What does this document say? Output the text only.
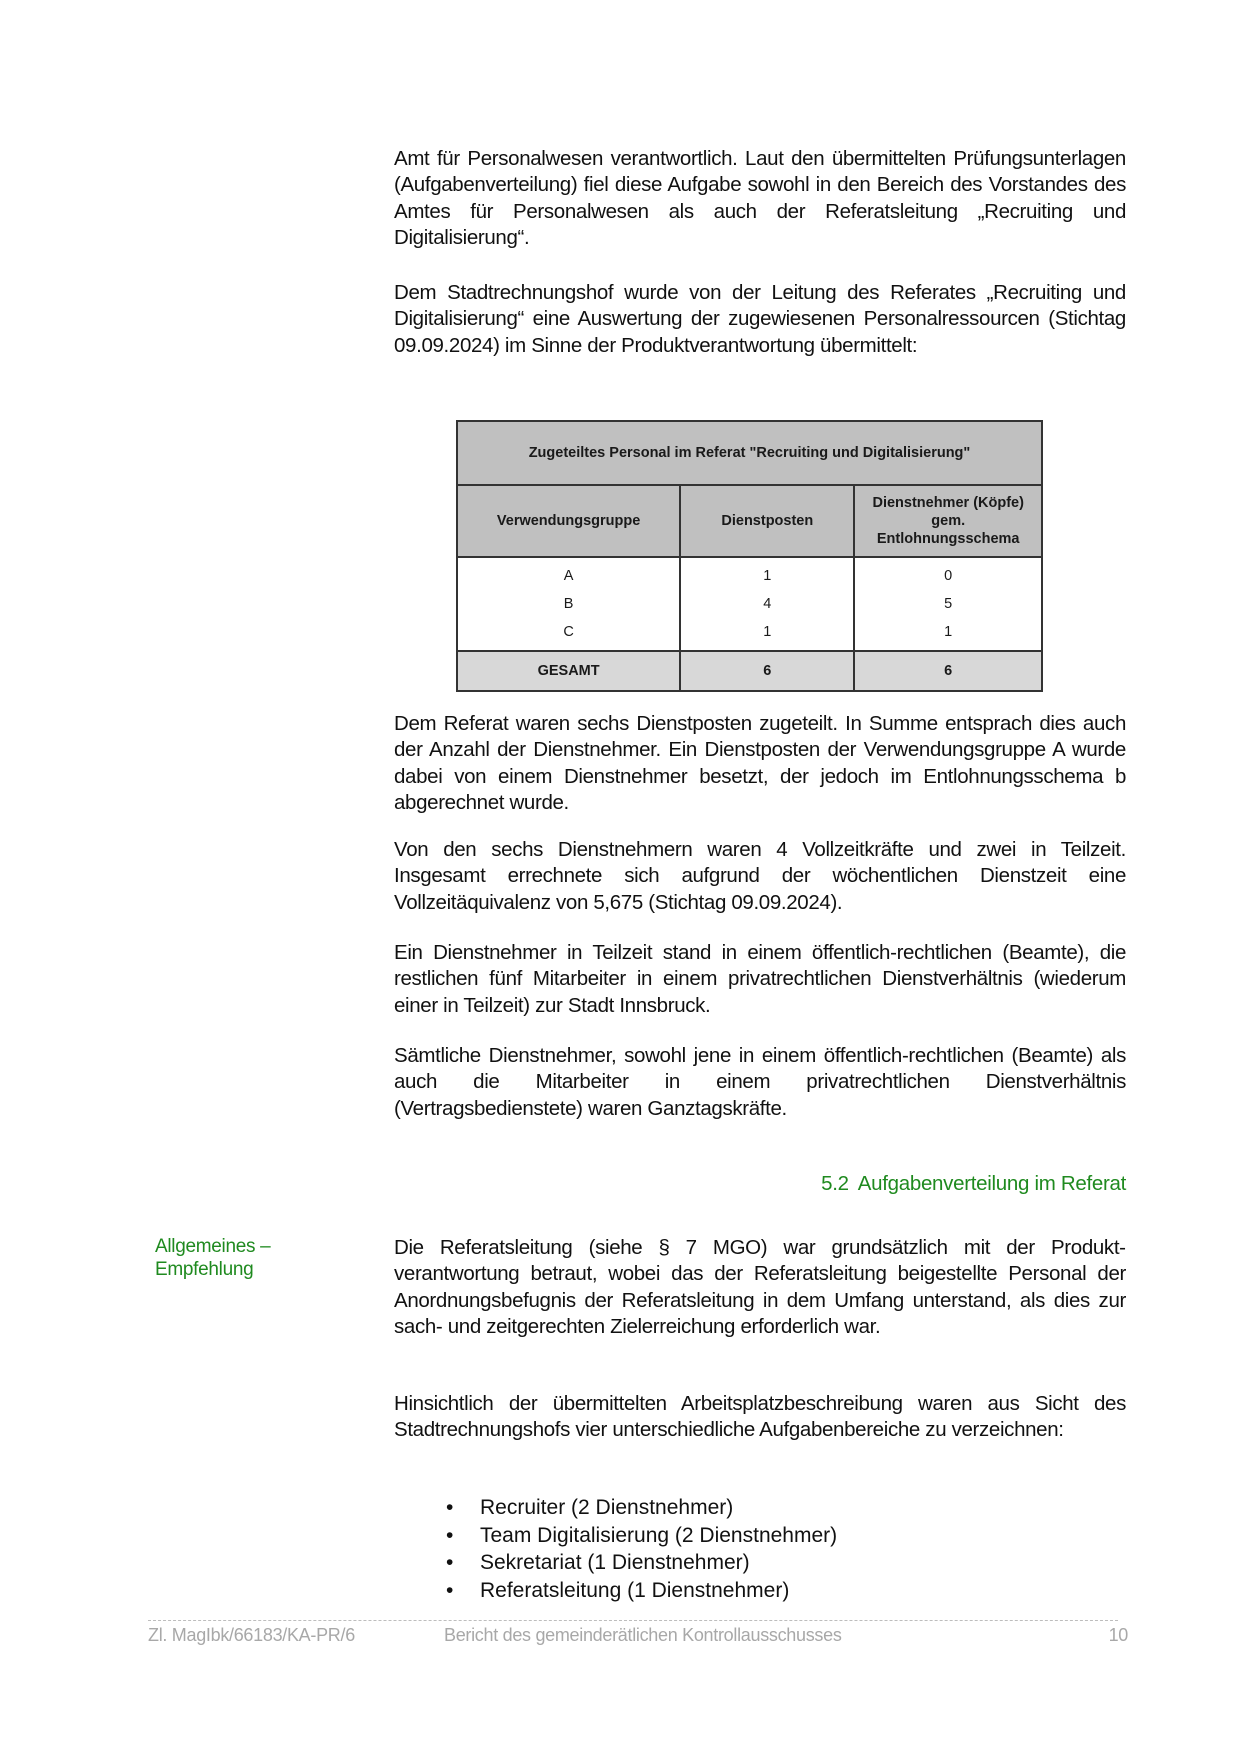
Amt für Personalwesen verantwortlich. Laut den übermittelten Prüfungsunterlagen (Aufgabenverteilung) fiel diese Aufgabe sowohl in den Bereich des Vorstandes des Amtes für Personalwesen als auch der Referatsleitung „Recruiting und Digitalisierung“.

Dem Stadtrechnungshof wurde von der Leitung des Referates „Recruiting und Digitalisierung“ eine Auswertung der zugewiesenen Personalressourcen (Stichtag 09.09.2024) im Sinne der Produktverantwortung übermittelt:

Zugeteiltes Personal im Referat "Recruiting und Digitalisierung"		
Verwendungsgruppe	Dienstposten	Dienstnehmer (Köpfe)
gem.
Entlohnungsschema
A	1	0
B	4	5
C	1	1
GESAMT	6	6

Dem Referat waren sechs Dienstposten zugeteilt. In Summe entsprach dies auch der Anzahl der Dienstnehmer. Ein Dienstposten der Verwendungsgruppe A wurde dabei von einem Dienstnehmer besetzt, der jedoch im Entlohnungsschema b abgerechnet wurde.

Von den sechs Dienstnehmern waren 4 Vollzeitkräfte und zwei in Teilzeit. Insgesamt errechnete sich aufgrund der wöchentlichen Dienstzeit eine Vollzeitäquivalenz von 5,675 (Stichtag 09.09.2024).

Ein Dienstnehmer in Teilzeit stand in einem öffentlich-rechtlichen (Beamte), die restlichen fünf Mitarbeiter in einem privatrechtlichen Dienstverhältnis (wiederum einer in Teilzeit) zur Stadt Innsbruck.

Sämtliche Dienstnehmer, sowohl jene in einem öffentlich-rechtlichen (Beamte) als auch die Mitarbeiter in einem privatrechtlichen Dienstverhältnis (Vertragsbedienstete) waren Ganztagskräfte.

5.2 Aufgabenverteilung im Referat
Allgemeines –
Empfehlung

Die Referatsleitung (siehe § 7 MGO) war grundsätzlich mit der Produktverantwortung betraut, wobei das der Referatsleitung beigestellte Personal der Anordnungsbefugnis der Referatsleitung in dem Umfang unterstand, als dies zur sach- und zeitgerechten Zielerreichung erforderlich war.

Hinsichtlich der übermittelten Arbeitsplatzbeschreibung waren aus Sicht des Stadtrechnungshofs vier unterschiedliche Aufgabenbereiche zu verzeichnen:

• Recruiter (2 Dienstnehmer)
• Team Digitalisierung (2 Dienstnehmer)
• Sekretariat (1 Dienstnehmer)
• Referatsleitung (1 Dienstnehmer)
Zl. MagIbk/66183/KA-PR/6	Bericht des gemeinderätlichen Kontrollausschusses	10
